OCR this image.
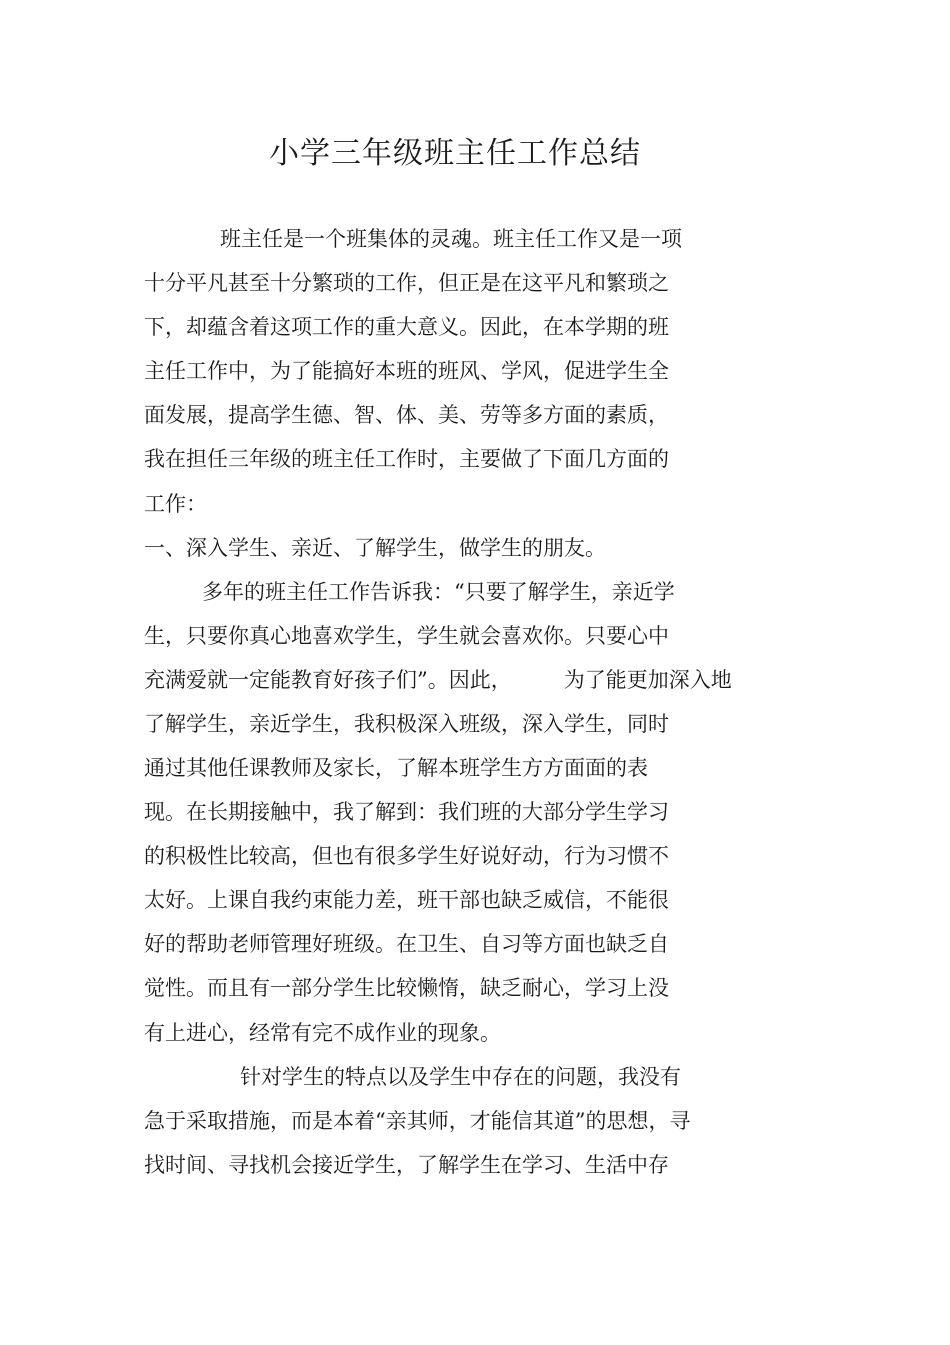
小学三年级班主任工作总结
班主任是一个班集体的灵魂。班主任工作又是一项
十分平凡甚至十分繁琐的工作，但正是在这平凡和繁琐之
下，却蕴含着这项工作的重大意义。因此，在本学期的班
主任工作中，为了能搞好本班的班风、学风，促进学生全
面发展，提高学生德、智、体、美、劳等多方面的素质，
我在担任三年级的班主任工作时，主要做了下面几方面的
工作：
一、深入学生、亲近、了解学生，做学生的朋友。
多年的班主任工作告诉我：“只要了解学生，亲近学
生，只要你真心地喜欢学生，学生就会喜欢你。只要心中
充满爱就一定能教育好孩子们”。因此， 为了能更加深入地
了解学生，亲近学生，我积极深入班级，深入学生，同时
通过其他任课教师及家长，了解本班学生方方面面的表
现。在长期接触中，我了解到：我们班的大部分学生学习
的积极性比较高，但也有很多学生好说好动，行为习惯不
太好。上课自我约束能力差，班干部也缺乏威信，不能很
好的帮助老师管理好班级。在卫生、自习等方面也缺乏自
觉性。而且有一部分学生比较懒惰，缺乏耐心，学习上没
有上进心，经常有完不成作业的现象。
针对学生的特点以及学生中存在的问题，我没有
急于采取措施，而是本着“亲其师，才能信其道”的思想，寻
找时间、寻找机会接近学生，了解学生在学习、生活中存
